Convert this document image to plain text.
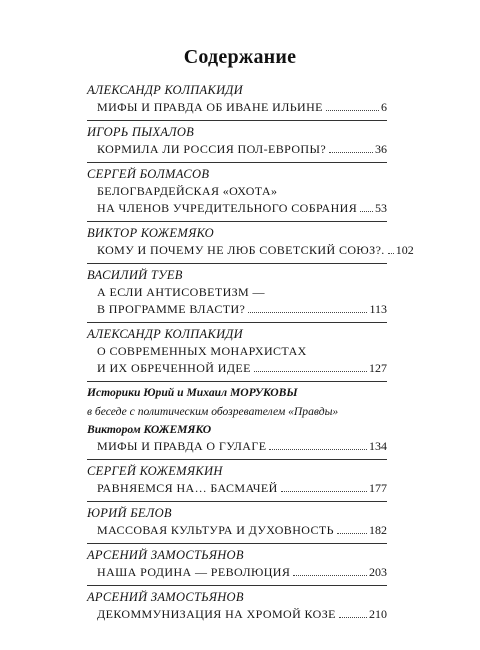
Содержание
АЛЕКСАНДР КОЛПАКИДИ
МИФЫ И ПРАВДА ОБ ИВАНЕ ИЛЬИНЕ	6
ИГОРЬ ПЫХАЛОВ
КОРМИЛА ЛИ РОССИЯ ПОЛ-ЕВРОПЫ?	36
СЕРГЕЙ БОЛМАСОВ
БЕЛОГВАРДЕЙСКАЯ «ОХОТА»
НА ЧЛЕНОВ УЧРЕДИТЕЛЬНОГО СОБРАНИЯ 53
ВИКТОР КОЖЕМЯКО
КОМУ И ПОЧЕМУ НЕ ЛЮБ СОВЕТСКИЙ СОЮЗ?. 102
ВАСИЛИЙ ТУЕВ
А ЕСЛИ АНТИСОВЕТИЗМ —
В ПРОГРАММЕ ВЛАСТИ?	113
АЛЕКСАНДР КОЛПАКИДИ
О СОВРЕМЕННЫХ МОНАРХИСТАХ
И ИХ ОБРЕЧЕННОЙ ИДЕЕ	127
Историки Юрий и Михаил МОРУКОВЫ
в беседе с политическим обозревателем «Правды»
Виктором КОЖЕМЯКО
МИФЫ И ПРАВДА О ГУЛАГЕ	134
СЕРГЕЙ КОЖЕМЯКИН
РАВНЯЕМСЯ НА… БАСМАЧЕЙ	177
ЮРИЙ БЕЛОВ
МАССОВАЯ КУЛЬТУРА И ДУХОВНОСТЬ	182
АРСЕНИЙ ЗАМОСТЬЯНОВ
НАША РОДИНА — РЕВОЛЮЦИЯ	203
АРСЕНИЙ ЗАМОСТЬЯНОВ
ДЕКОММУНИЗАЦИЯ НА ХРОМОЙ КОЗЕ	210
